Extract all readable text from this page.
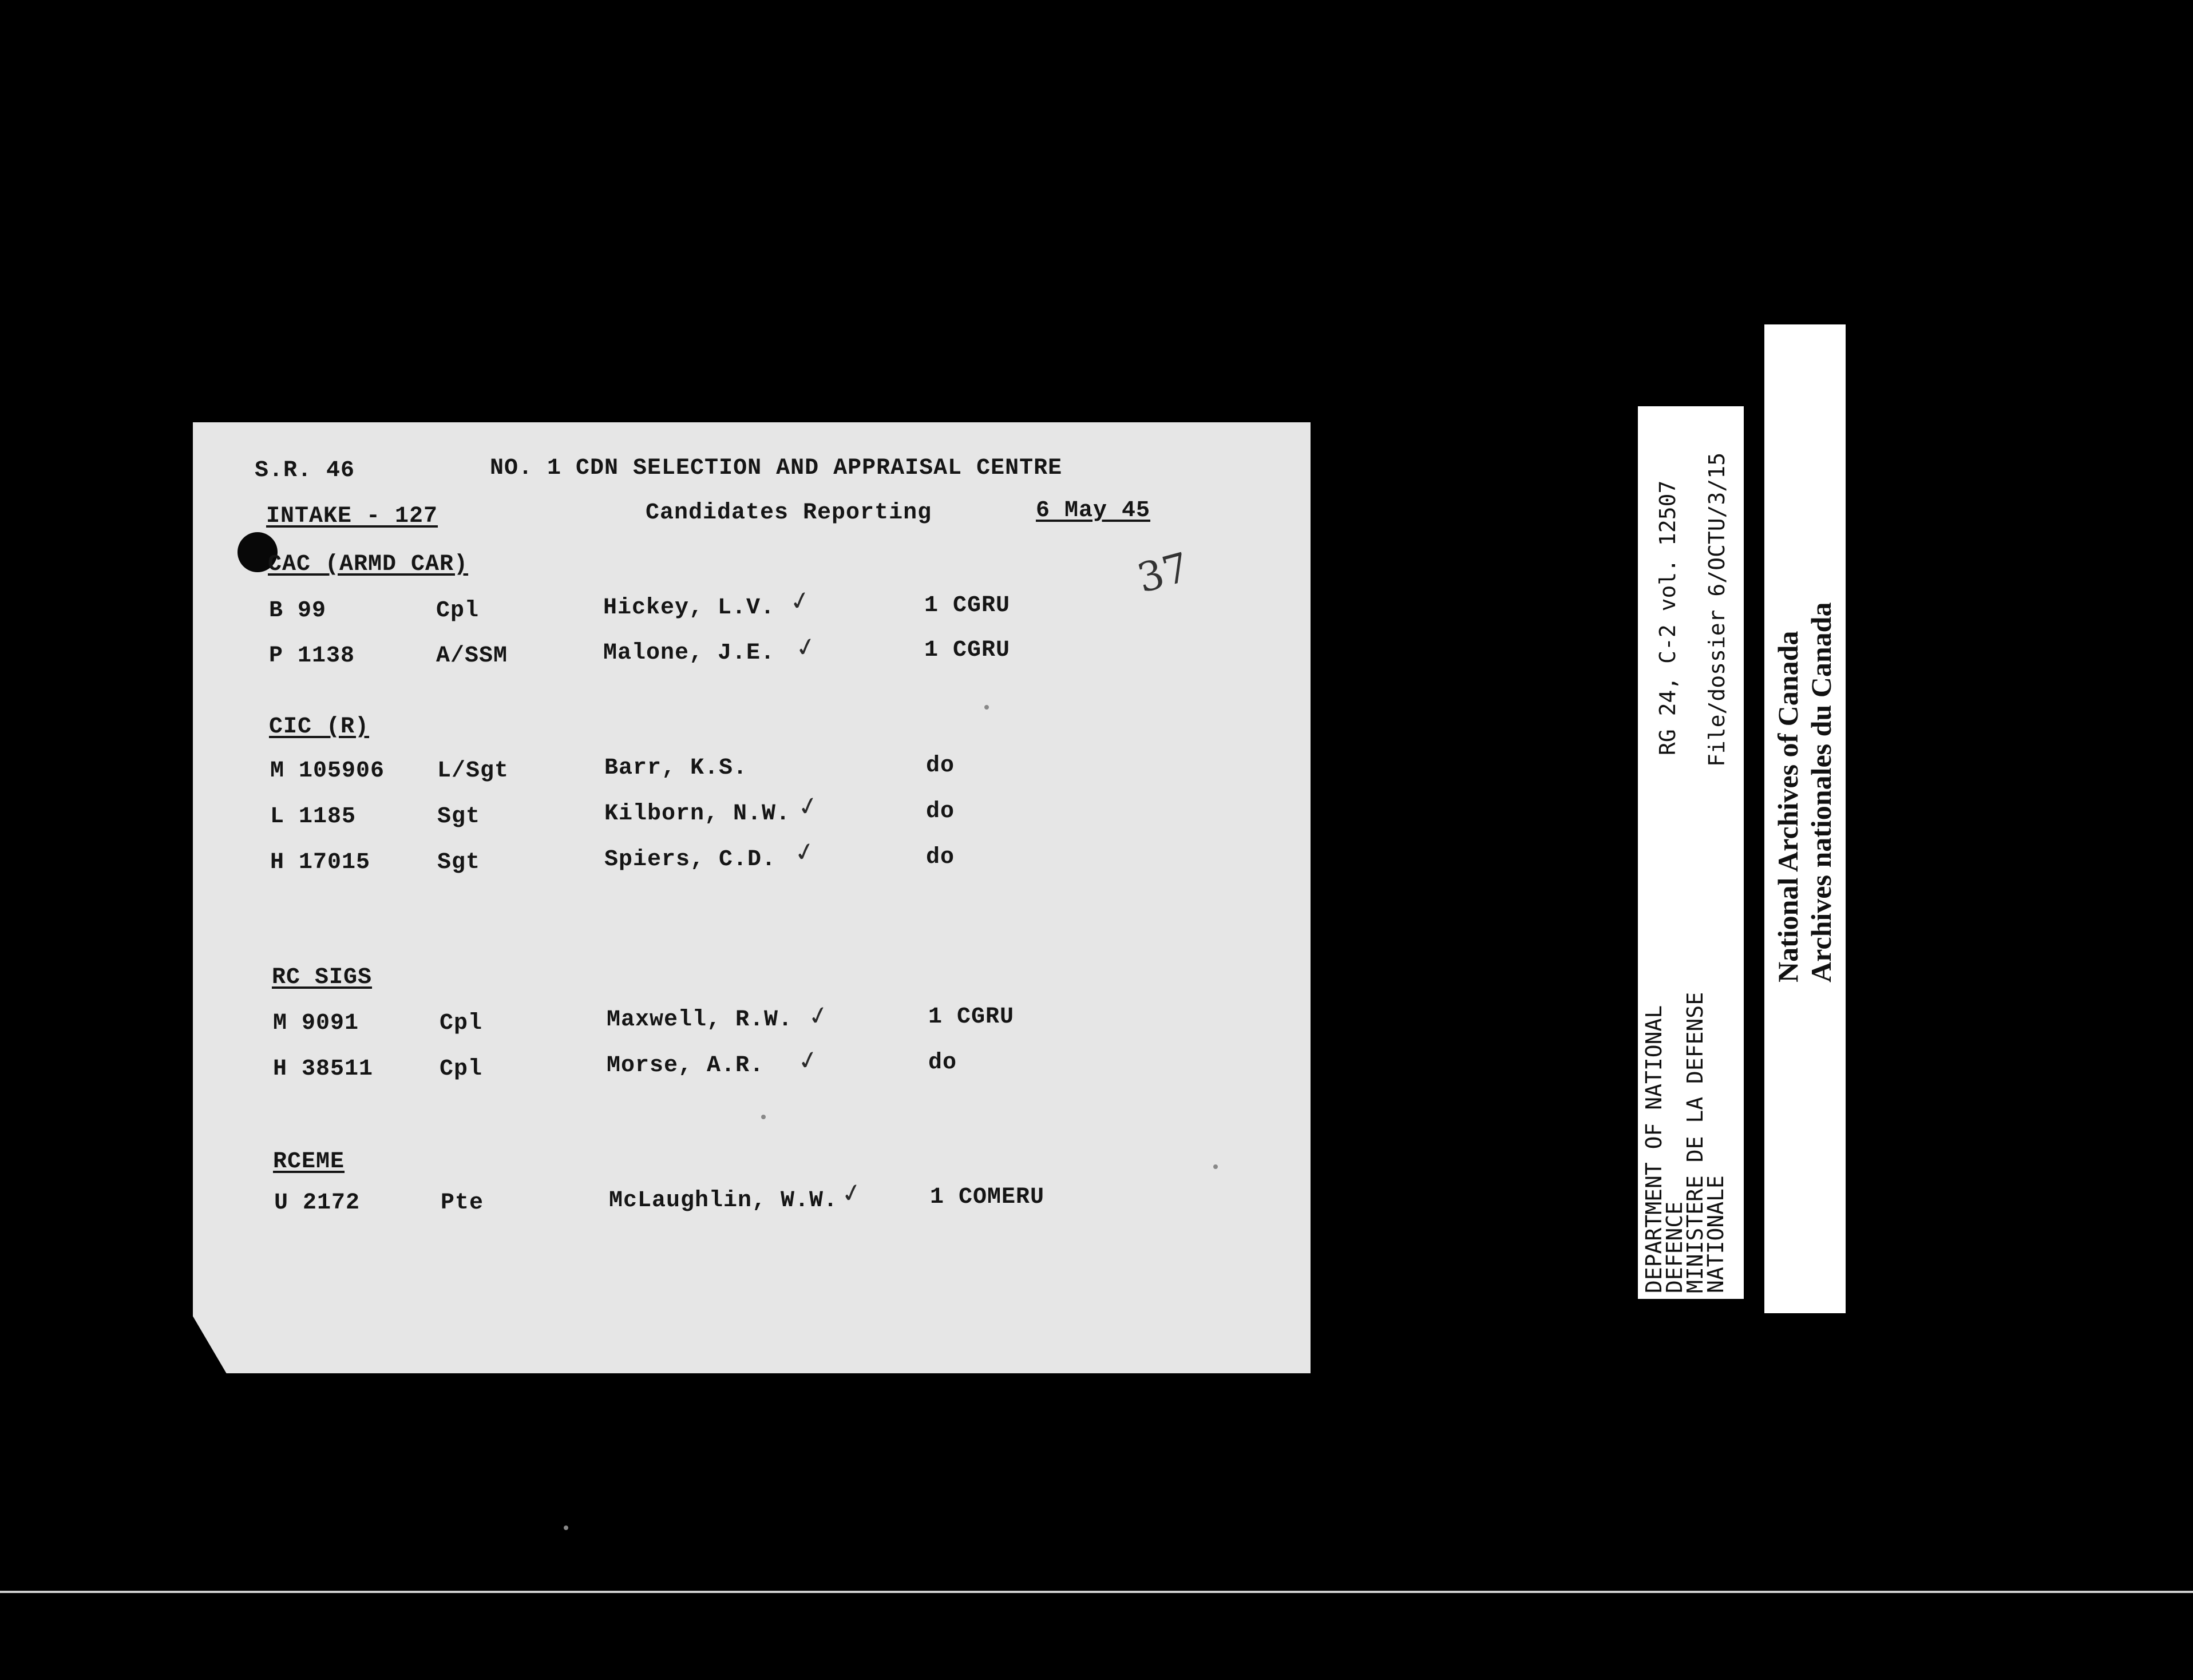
S.R. 46	NO. 1 CDN SELECTION AND APPRAISAL CENTRE
INTAKE - 127	Candidates Reporting	6 May 45
37
CAC (ARMD CAR)
B 99	Cpl	Hickey, L.V. ✓	1 CGRU
P 1138	A/SSM	Malone, J.E. ✓	1 CGRU
CIC (R)
M 105906 L/Sgt	Barr, K.S.	do
L 1185	Sgt	Kilborn, N.W. ✓	do
H 17015	Sgt	Spiers, C.D. ✓	do
RC SIGS
M 9091	Cpl	Maxwell, R.W. ✓	1 CGRU
H 38511	Cpl	Morse, A.R. ✓	do
RCEME
U 2172	Pte	McLaughlin, W.W. ✓	1 COMERU	DEPARTMENT OF NATIONAL
DEFENCE
MINISTERE DE LA DEFENSE
NATIONALE
RG 24, C-2 vol. 12507 File/dossier 6/OCTU/3/15
National Archives of Canada Archives nationales du Canada
